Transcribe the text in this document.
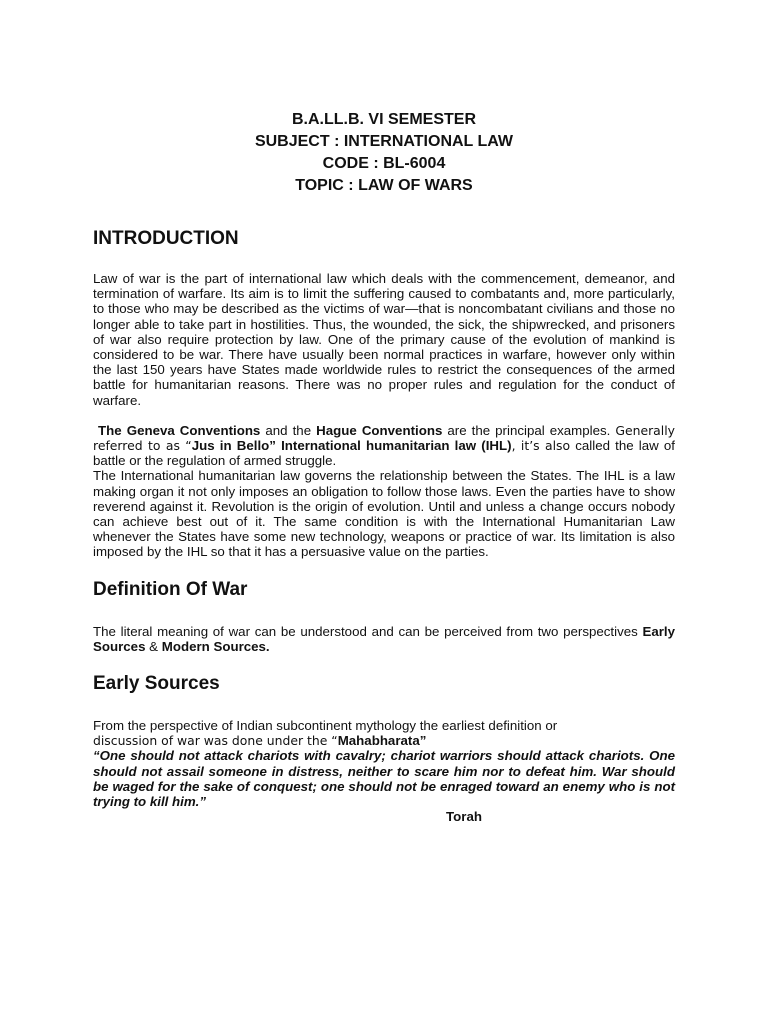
B.A.LL.B. VI SEMESTER
SUBJECT : INTERNATIONAL LAW
CODE : BL-6004
TOPIC : LAW OF WARS
INTRODUCTION

Law of war is the part of international law which deals with the commencement, demeanor, and termination of warfare. Its aim is to limit the suffering caused to combatants and, more particularly, to those who may be described as the victims of war—that is noncombatant civilians and those no longer able to take part in hostilities. Thus, the wounded, the sick, the shipwrecked, and prisoners of war also require protection by law. One of the primary cause of the evolution of mankind is considered to be war. There have usually been normal practices in warfare, however only within the last 150 years have States made worldwide rules to restrict the consequences of the armed battle for humanitarian reasons. There was no proper rules and regulation for the conduct of warfare.

The Geneva Conventions and the Hague Conventions are the principal examples. Generally referred to as “Jus in Bello” International humanitarian law (IHL), it’s also called the law of battle or the regulation of armed struggle.

The International humanitarian law governs the relationship between the States. The IHL is a law making organ it not only imposes an obligation to follow those laws. Even the parties have to show reverend against it. Revolution is the origin of evolution. Until and unless a change occurs nobody can achieve best out of it. The same condition is with the International Humanitarian Law whenever the States have some new technology, weapons or practice of war. Its limitation is also imposed by the IHL so that it has a persuasive value on the parties.

Definition Of War

The literal meaning of war can be understood and can be perceived from two perspectives Early Sources & Modern Sources.

Early Sources

From the perspective of Indian subcontinent mythology the earliest definition or
discussion of war was done under the “Mahabharata”

“One should not attack chariots with cavalry; chariot warriors should attack chariots. One should not assail someone in distress, neither to scare him nor to defeat him. War should be waged for the sake of conquest; one should not be enraged toward an enemy who is not trying to kill him.”

Torah
